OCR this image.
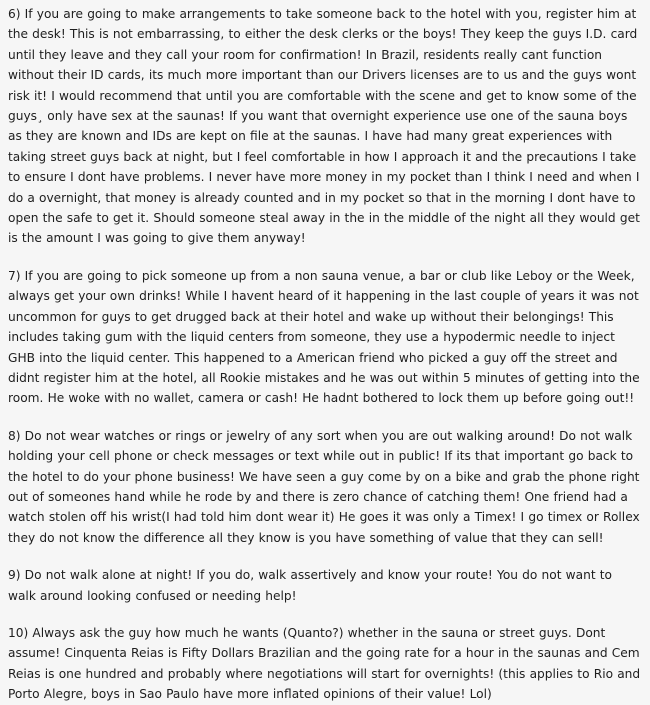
6) If you are going to make arrangements to take someone back to the hotel with you, register him at the desk! This is not embarrassing, to either the desk clerks or the boys! They keep the guys I.D. card until they leave and they call your room for confirmation! In Brazil, residents really cant function without their ID cards, its much more important than our Drivers licenses are to us and the guys wont risk it! I would recommend that until you are comfortable with the scene and get to know some of the guys¸ only have sex at the saunas! If you want that overnight experience use one of the sauna boys as they are known and IDs are kept on file at the saunas. I have had many great experiences with taking street guys back at night, but I feel comfortable in how I approach it and the precautions I take to ensure I dont have problems. I never have more money in my pocket than I think I need and when I do a overnight, that money is already counted and in my pocket so that in the morning I dont have to open the safe to get it. Should someone steal away in the in the middle of the night all they would get is the amount I was going to give them anyway!

7) If you are going to pick someone up from a non sauna venue, a bar or club like Leboy or the Week, always get your own drinks! While I havent heard of it happening in the last couple of years it was not uncommon for guys to get drugged back at their hotel and wake up without their belongings! This includes taking gum with the liquid centers from someone, they use a hypodermic needle to inject GHB into the liquid center. This happened to a American friend who picked a guy off the street and didnt register him at the hotel, all Rookie mistakes and he was out within 5 minutes of getting into the room. He woke with no wallet, camera or cash! He hadnt bothered to lock them up before going out!!

8) Do not wear watches or rings or jewelry of any sort when you are out walking around! Do not walk holding your cell phone or check messages or text while out in public! If its that important go back to the hotel to do your phone business! We have seen a guy come by on a bike and grab the phone right out of someones hand while he rode by and there is zero chance of catching them! One friend had a watch stolen off his wrist(I had told him dont wear it) He goes it was only a Timex! I go timex or Rollex they do not know the difference all they know is you have something of value that they can sell!

9) Do not walk alone at night! If you do, walk assertively and know your route! You do not want to walk around looking confused or needing help!

10) Always ask the guy how much he wants (Quanto?) whether in the sauna or street guys. Dont assume! Cinquenta Reias is Fifty Dollars Brazilian and the going rate for a hour in the saunas and Cem Reias is one hundred and probably where negotiations will start for overnights! (this applies to Rio and Porto Alegre, boys in Sao Paulo have more inflated opinions of their value! Lol)
